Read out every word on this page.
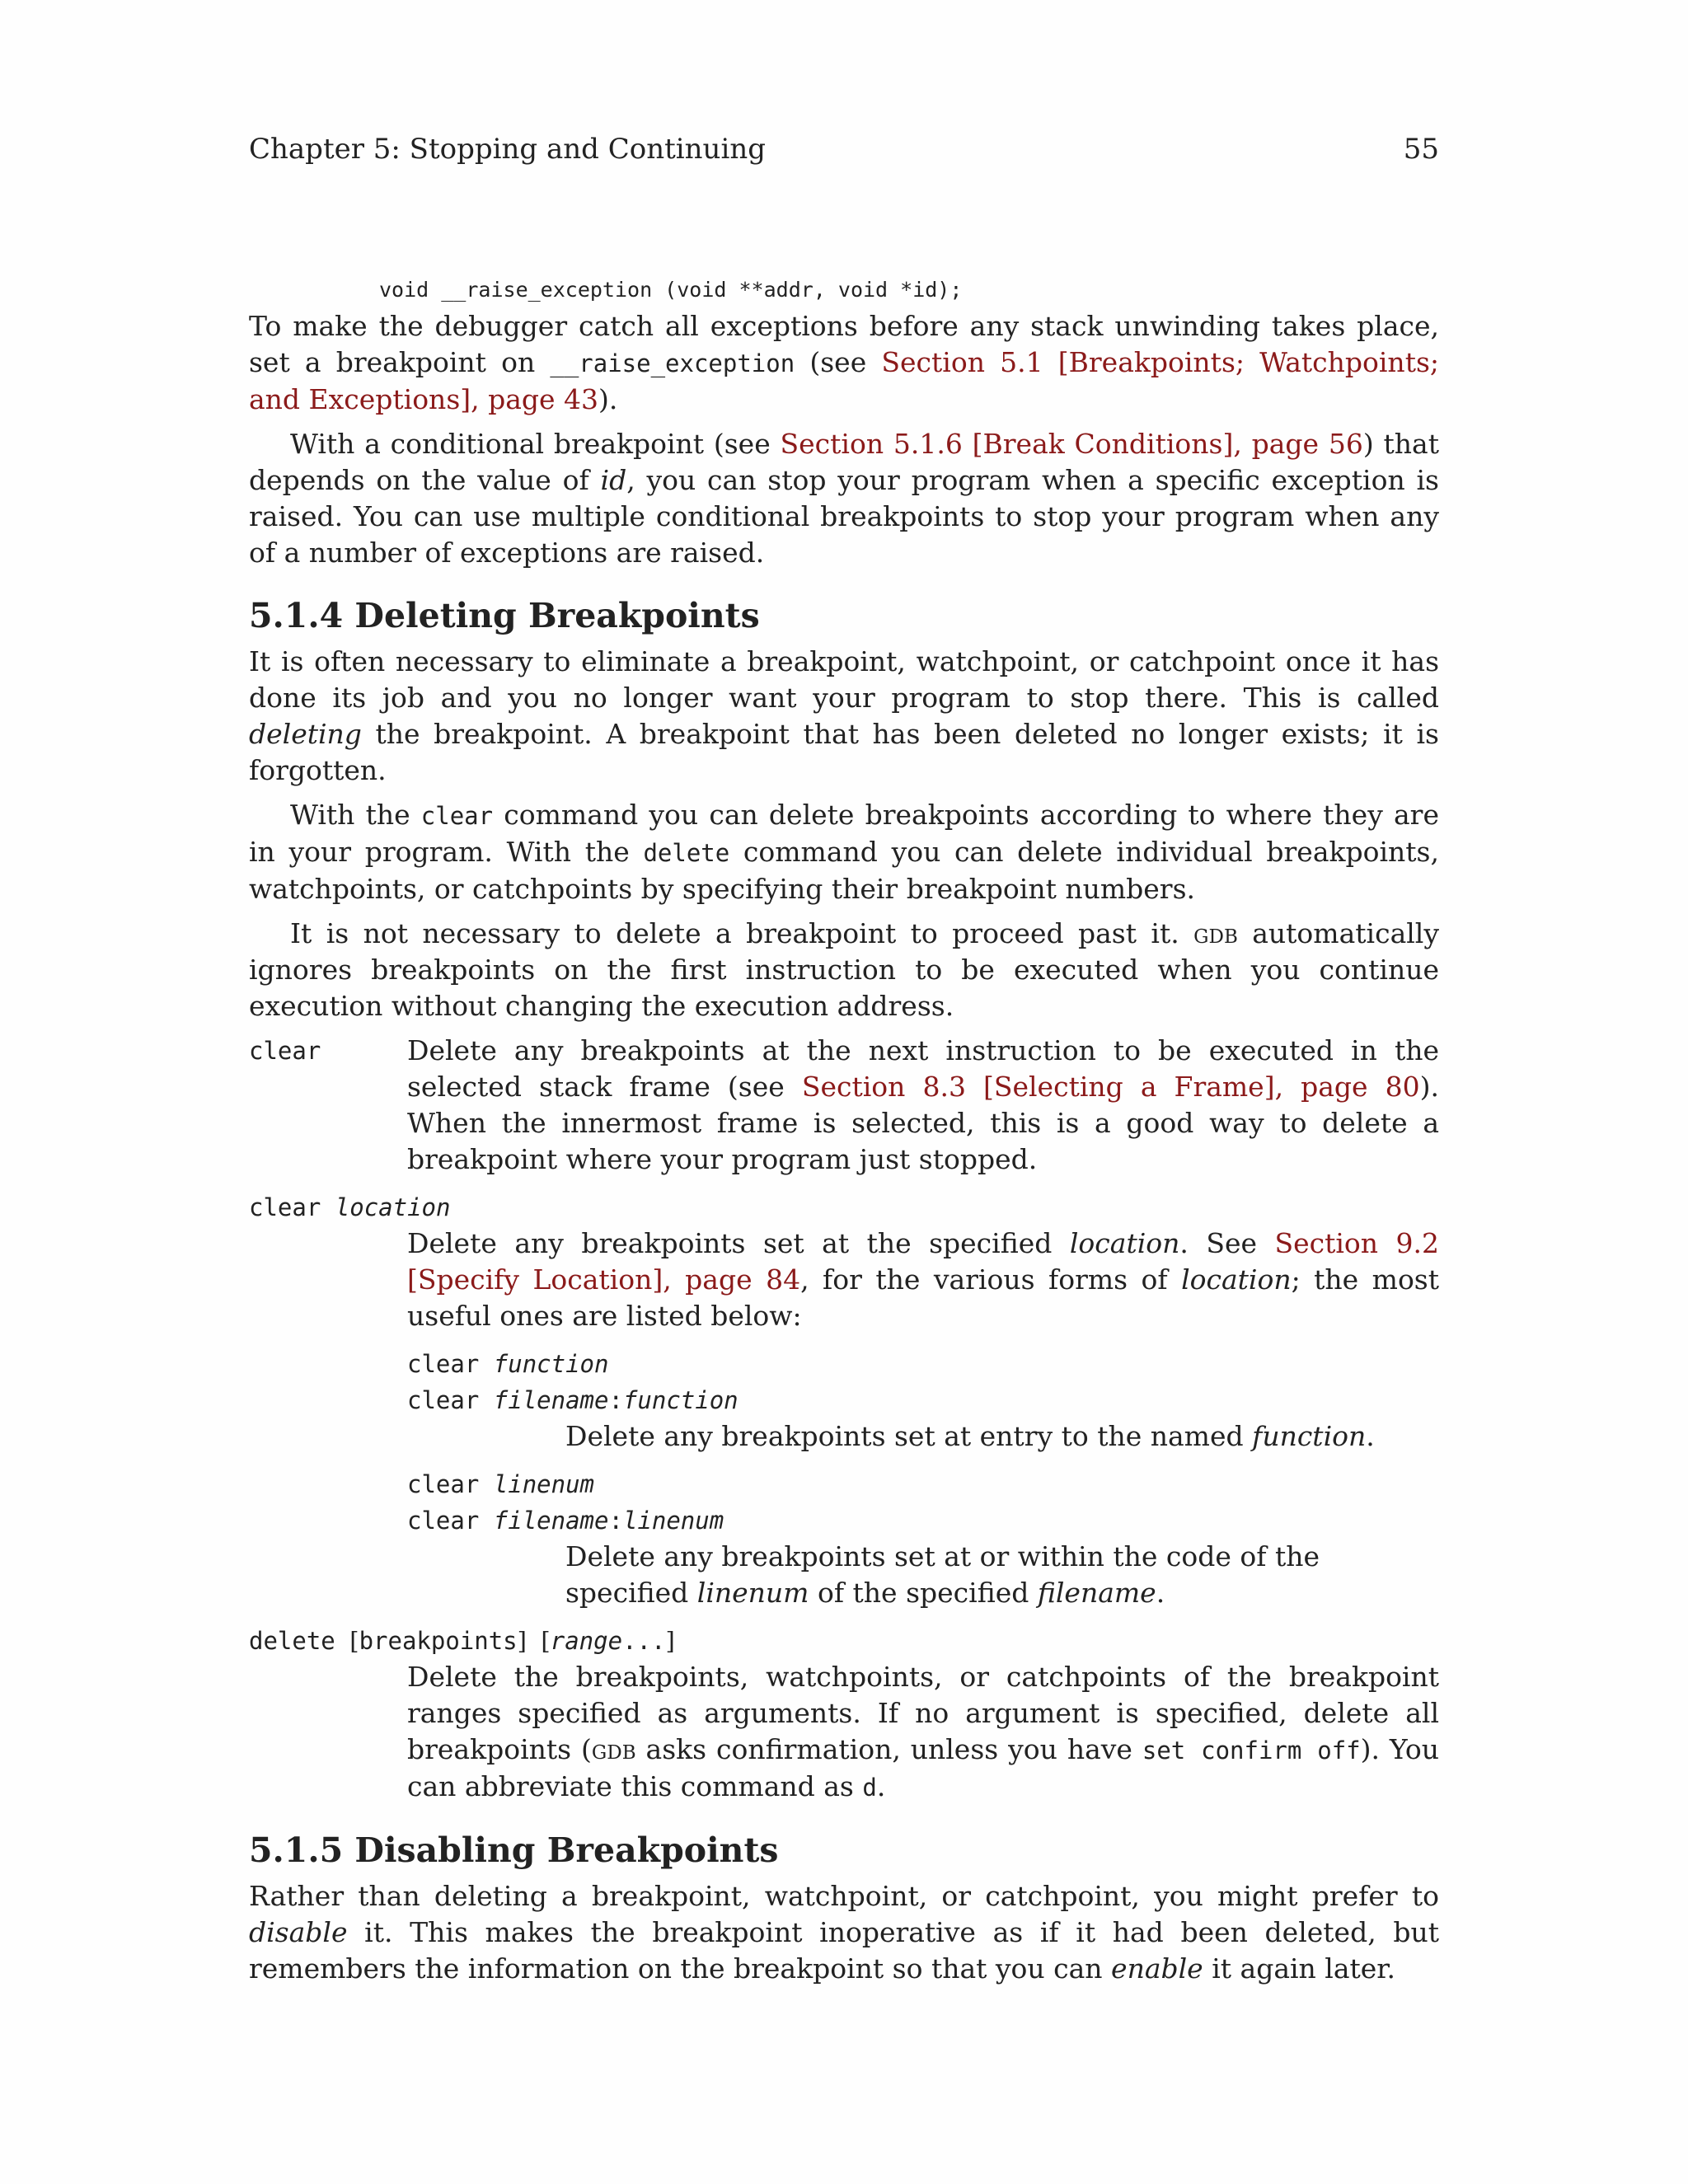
Chapter 5: Stopping and Continuing	55
void __raise_exception (void **addr, void *id);

To make the debugger catch all exceptions before any stack unwinding takes place, set a breakpoint on __raise_exception (see Section 5.1 [Breakpoints; Watchpoints; and Exceptions], page 43).

With a conditional breakpoint (see Section 5.1.6 [Break Conditions], page 56) that depends on the value of id, you can stop your program when a specific exception is raised. You can use multiple conditional breakpoints to stop your program when any of a number of exceptions are raised.

5.1.4 Deleting Breakpoints

It is often necessary to eliminate a breakpoint, watchpoint, or catchpoint once it has done its job and you no longer want your program to stop there. This is called deleting the breakpoint. A breakpoint that has been deleted no longer exists; it is forgotten.

With the clear command you can delete breakpoints according to where they are in your program. With the delete command you can delete individual breakpoints, watchpoints, or catchpoints by specifying their breakpoint numbers.

It is not necessary to delete a breakpoint to proceed past it. gdb automatically ignores breakpoints on the first instruction to be executed when you continue execution without changing the execution address.

clear	Delete any breakpoints at the next instruction to be executed in the selected stack frame (see Section 8.3 [Selecting a Frame], page 80). When the innermost frame is selected, this is a good way to delete a breakpoint where your program just stopped.

clear location

Delete any breakpoints set at the specified location. See Section 9.2 [Specify Location], page 84, for the various forms of location; the most useful ones are listed below:

clear function
clear filename:function
Delete any breakpoints set at entry to the named function.
clear linenum
clear filename:linenum
Delete any breakpoints set at or within the code of the specified linenum of the specified filename.
delete [breakpoints] [range...]

Delete the breakpoints, watchpoints, or catchpoints of the breakpoint ranges specified as arguments. If no argument is specified, delete all breakpoints (gdb asks confirmation, unless you have set confirm off). You can abbreviate this command as d.

5.1.5 Disabling Breakpoints

Rather than deleting a breakpoint, watchpoint, or catchpoint, you might prefer to disable it. This makes the breakpoint inoperative as if it had been deleted, but remembers the information on the breakpoint so that you can enable it again later.
